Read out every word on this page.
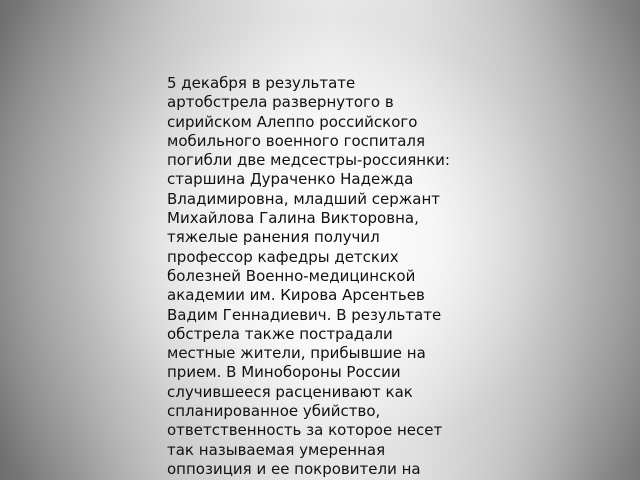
5 декабря в результате
артобстрела развернутого в
сирийском Алеппо российского
мобильного военного госпиталя
погибли две медсестры-россиянки:
старшина Дураченко Надежда
Владимировна, младший сержант
Михайлова Галина Викторовна,
тяжелые ранения получил
профессор кафедры детских
болезней Военно-медицинской
академии им. Кирова Арсентьев
Вадим Геннадиевич. В результате
обстрела также пострадали
местные жители, прибывшие на
прием. В Минобороны России
случившееся расценивают как
спланированное убийство,
ответственность за которое несет
так называемая умеренная
оппозиция и ее покровители на
